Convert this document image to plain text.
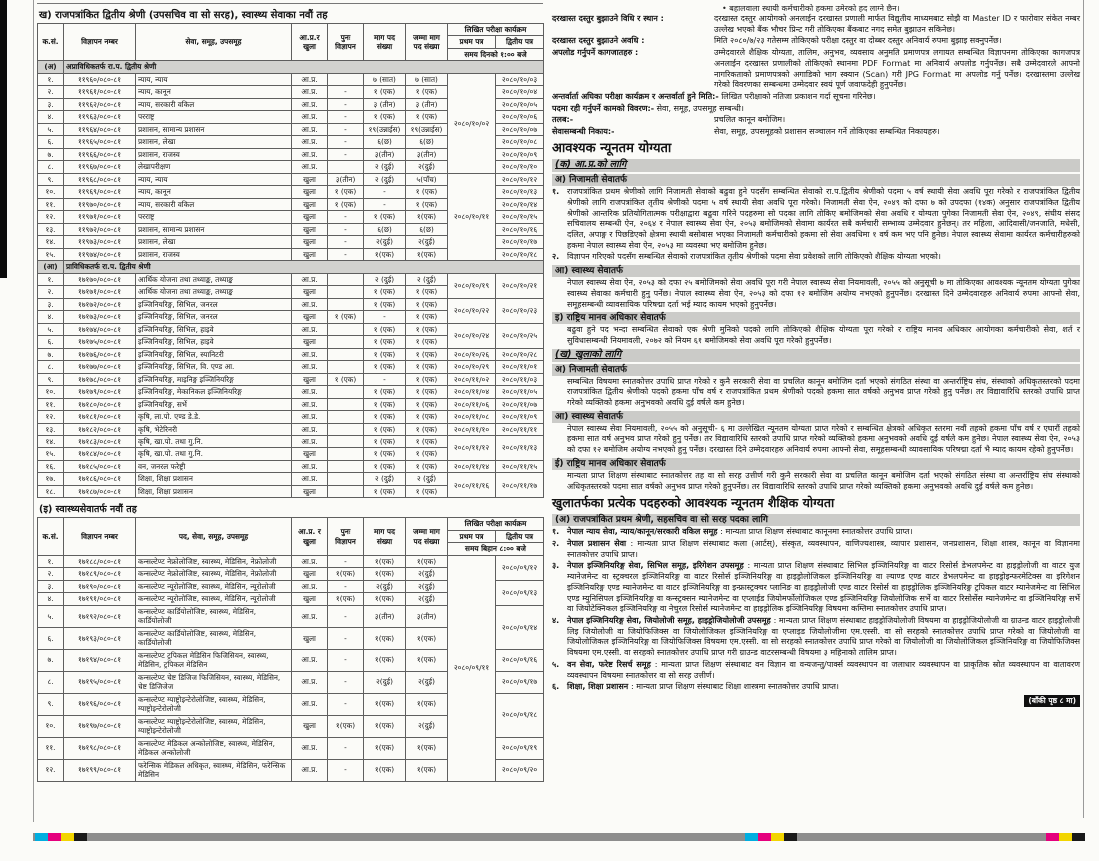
ख) राजपत्रांकित द्वितीय श्रेणी (उपसचिव वा सो सरह), स्वास्थ्य सेवाका नवौं तह
क.सं.	विज्ञापन नम्बर	सेवा, समूह, उपसमूह	आ.प्र.र खुला	पुनः विज्ञापन	माग पद संख्या	जम्मा माग पद संख्या	लिखित परीक्षा कार्यक्रम	
							प्रथम पत्र	द्वितीय पत्र
							समय दिनको १:०० बजे	
(अ)	अप्राविधिकतर्फ रा.प. द्वितीय श्रेणी							
१.	११९६०/०८०-८१	न्याय, न्याय	आ.प्र.		७ (सात)	७ (सात)	२०८०/१०/०२	२०८०/१०/०३
२.	११९६१/०८०-८१	न्याय, कानून	आ.प्र.	-	१ (एक)	१ (एक)		२०८०/१०/०४
३.	११९६२/०८०-८१	न्याय, सरकारी वकिल	आ.प्र.	-	३ (तीन)	३ (तीन)		२०८०/१०/०५
४.	११९६३/०८०-८१	परराष्ट्र	आ.प्र.	-	१ (एक)	१ (एक)		२०८०/१०/०६
५.	११९६४/०८०-८१	प्रशासन, सामान्य प्रशासन	आ.प्र.	-	१९(उन्नाईस)	१९(उन्नाईस)		२०८०/१०/०७
६.	११९६५/०८०-८१	प्रशासन, लेखा	आ.प्र.	-	६(छ)	६(छ)		२०८०/१०/०८
७.	११९६६/०८०-८१	प्रशासन, राजस्व	आ.प्र.	-	३(तीन)	३(तीन)		२०८०/१०/०९
८.	११९६७/०८०-८१	लेखापरीक्षण	आ.प्र.		२ (दुई)	२(दुई)		२०८०/१०/१०
९.	११९६८/०८०-८१	न्याय, न्याय	खुला	३(तीन)	२ (दुई)	५(पाँच)	२०८०/१०/११	२०८०/१०/१२
१०.	११९६९/०८०-८१	न्याय, कानून	खुला	१ (एक)	-	१ (एक)		२०८०/१०/१३
११.	११९७०/०८०-८१	न्याय, सरकारी वकिल	खुला	१ (एक)	-	१ (एक)		२०८०/१०/१४
१२.	११९७१/०८०-८१	परराष्ट्र	खुला	-	१ (एक)	१(एक)		२०८०/१०/१५
१३.	११९७२/०८०-८१	प्रशासन, सामान्य प्रशासन	खुला	-	६(छ)	६(छ)		२०८०/१०/१६
१४.	११९७३/०८०-८१	प्रशासन, लेखा	खुला	-	२(दुई)	२(दुई)		२०८०/१०/१७
१५.	११९७४/०८०-८१	प्रशासन, राजस्व	खुला	-	१(एक)	१(एक)		२०८०/१०/१८
(आ)	प्राविधिकतर्फ रा.प. द्वितीय श्रेणी							
१.	१७१७०/०८०-८१	आर्थिक योजना तथा तथ्याङ्क, तथ्याङ्क	आ.प्र.		२ (दुई)	२ (दुई)	२०८०/१०/१९	२०८०/१०/२१
२.	१७१७१/०८०-८१	आर्थिक योजना तथा तथ्याङ्क, तथ्याङ्क	खुला		१ (एक)	१ (एक)		
३.	१७१७२/०८०-८१	इञ्जिनियरिङ्ग, सिभिल, जनरल	आ.प्र.		१ (एक)	१ (एक)	२०८०/१०/२२	२०८०/१०/२३
४.	१७१७३/०८०-८१	इञ्जिनियरिङ्ग, सिभिल, जनरल	खुला	१ (एक)	-	१ (एक)		
५.	१७१७४/०८०-८१	इञ्जिनियरिङ्ग, सिभिल, हाइवे	आ.प्र.		१ (एक)	१ (एक)	२०८०/१०/२४	२०८०/१०/२५
६.	१७१७५/०८०-८१	इञ्जिनियरिङ्ग, सिभिल, हाइवे	खुला		१ (एक)	१ (एक)		
७.	१७१७६/०८०-८१	इञ्जिनियरिङ्ग, सिभिल, स्यानिटरी	आ.प्र.		१ (एक)	१ (एक)	२०८०/१०/२६	२०८०/१०/२८
८.	१७१७७/०८०-८१	इञ्जिनियरिङ्ग, सिभिल, वि. एण्ड आ.	आ.प्र.		१ (एक)	१ (एक)	२०८०/१०/२९	२०८०/११/०१
९.	१७१७८/०८०-८१	इञ्जिनियरिङ्ग, माइनिङ्ग इञ्जिनियरिङ्ग	खुला	१ (एक)	-	१ (एक)	२०८०/११/०२	२०८०/११/०३
१०.	१७१७९/०८०-८१	इञ्जिनियरिङ्ग, मेकानिकल इञ्जिनियरिङ्ग	आ.प्र.		१ (एक)	१ (एक)	२०८०/११/०४	२०८०/११/०५
११.	१७१८०/०८०-८१	इञ्जिनियरिङ्ग, सर्भे	आ.प्र.		१ (एक)	१ (एक)	२०८०/११/०६	२०८०/११/०७
१२.	१७१८१/०८०-८१	कृषि, ला.पो. एण्ड डे.डे.	आ.प्र.		१ (एक)	१ (एक)	२०८०/११/०८	२०८०/११/०९
१३.	१७१८२/०८०-८१	कृषि, भेटेरिनरी	आ.प्र.		१ (एक)	१ (एक)	२०८०/११/१०	२०८०/११/११
१४.	१७१८३/०८०-८१	कृषि, खा.पो. तथा गु.नि.	आ.प्र.		१ (एक)	१ (एक)	२०८०/११/१२	२०८०/११/१३
१५.	१७१८४/०८०-८१	कृषि, खा.पो. तथा गु.नि.	खुला		१ (एक)	१ (एक)		
१६.	१७१८५/०८०-८१	वन, जनरल फरेष्ट्री	आ.प्र.		१ (एक)	१ (एक)	२०८०/११/१४	२०८०/११/१५
१७.	१७१८६/०८०-८१	शिक्षा, शिक्षा प्रशासन	आ.प्र.		२ (दुई)	२ (दुई)	२०८०/११/१६	२०८०/११/१७
१८.	१७१८७/०८०-८१	शिक्षा, शिक्षा प्रशासन	खुला		१ (एक)	१ (एक)		
(इ) स्वास्थ्यसेवातर्फ नवौं तह
क.सं.	विज्ञापन नम्बर	पद, सेवा, समूह, उपसमूह	आ.प्र. र खुला	पुनः विज्ञापन	माग पद संख्या	जम्मा माग पद संख्या	लिखित परीक्षा कार्यक्रम	
							प्रथम पत्र	द्वितीय पत्र
							समय बिहान ८:०० बजे	
१.	१७१८८/०८०-८१	कन्सल्टेण्ट नेफ्रोलोजिष्ट, स्वास्थ्य, मेडिसिन, नेफ्रोलोजी	आ.प्र.	-	१(एक)	१(एक)	२०८०/०९/११	२०८०/०९/१२
२.	१७१८९/०८०-८१	कन्सल्टेण्ट नेफ्रोलोजिष्ट, स्वास्थ्य, मेडिसिन, नेफ्रोलोजी	खुला	१(एक)	१(एक)	२(दुई)		
३.	१७१९०/०८०-८१	कन्सल्टेण्ट न्यूरोलोजिष्ट, स्वास्थ्य, मेडिसिन, न्यूरोलोजी	आ.प्र.	-	२(दुई)	२(दुई)		२०८०/०९/१३
४.	१७१९१/०८०-८१	कन्सल्टेण्ट न्यूरोलोजिष्ट, स्वास्थ्य, मेडिसिन, न्यूरोलोजी	खुला	१(एक)	१(एक)	२(दुई)		
५.	१७१९२/०८०-८१	कन्सल्टेण्ट कार्डियोलोजिष्ट, स्वास्थ्य, मेडिसिन, कार्डियोलोजी	आ.प्र.	-	३(तीन)	३(तीन)		२०८०/०९/१४
६.	१७१९३/०८०-८१	कन्सल्टेण्ट कार्डियोलोजिष्ट, स्वास्थ्य, मेडिसिन, कार्डियोलोजी	खुला	-	१(एक)	१(एक)		
७.	१७१९४/०८०-८१	कन्सल्टेण्ट ट्रपिकल मेडिसिन फिजिसियन, स्वास्थ्य, मेडिसिन, ट्रपिकल मेडिसिन	आ.प्र.	-	१(एक)	१(एक)		२०८०/०९/१६
८.	१७१९५/०८०-८१	कन्सल्टेण्ट चेष्ट डिजिज फिजिसियन, स्वास्थ्य, मेडिसिन, चेष्ट डिजिजेज	आ.प्र.	-	२(दुई)	२(दुई)		२०८०/०९/१७
९.	१७१९६/०८०-८१	कन्सल्टेण्ट ग्याष्ट्रोइन्टेरोलोजिष्ट, स्वास्थ्य, मेडिसिन, ग्याष्ट्रोइन्टेरोलोजी	आ.प्र.	-	१(एक)	१(एक)		२०८०/०९/१८
१०.	१७१९७/०८०-८१	कन्सल्टेण्ट ग्याष्ट्रोइन्टेरोलोजिष्ट, स्वास्थ्य, मेडिसिन, ग्याष्ट्रोइन्टेरोलोजी	खुला	१(एक)	१(एक)	२(दुई)		
११.	१७१९८/०८०-८१	कन्सल्टेण्ट मेडिकल अन्कोलोजिष्ट, स्वास्थ्य, मेडिसिन, मेडिकल अन्कोलोजी	आ.प्र.	-	१(एक)	१(एक)		२०८०/०९/१९
१२.	१७१९९/०८०-८१	फरेन्सिक मेडिकल अधिकृत, स्वास्थ्य, मेडिसिन, फरेन्सिक मेडिसिन	आ.प्र.	-	१(एक)	१(एक)		२०८०/०९/२०
• बहालवाला स्थायी कर्मचारीको हकमा उमेरको हद लाग्ने छैन।
दरखास्त दस्तुर बुझाउने विधि र स्थान :	दरखास्त दस्तुर आयोगको अनलाईन दरखास्त प्रणाली मार्फत विद्युतीय माध्यमबाट सोझै वा Master ID र फारोवार संकेत नम्बर उल्लेख भएको बैंक भौचर प्रिन्ट गरी तोकिएका बैंकबाट नगद समेत बुझाउन सकिनेछ।
दरखास्त दस्तुर बुझाउने अवधि :	मिति २०८०/७/२३ गतेसम्म तोकिएको परीक्षा दस्तुर वा दोब्बर दस्तुर अनिवार्य रुपमा बुझाइ सक्नुपर्नेछ।
अपलोड गर्नुपर्ने कागजातहरु :	उम्मेदवारले शैक्षिक योग्यता, तालिम, अनुभव, व्यवसाय अनुमति प्रमाणपत्र लगायत सम्बन्धित विज्ञापनमा तोकिएका कागजपत्र अनलाईन दरखास्त प्रणालीको तोकिएको स्थानमा PDF Format मा अनिवार्य अपलोड गर्नुपर्नेछ। सबै उम्मेदवारले आफ्नो नागरिकताको प्रमाणपत्रको अगाडिको भाग स्क्यान (Scan) गरी JPG Format मा अपलोड गर्नु पर्नेछ। दरखास्तमा उल्लेख गरेको विवरणका सम्बन्धमा उम्मेदवार स्वयं पूर्ण जवाफदेही हुनुपर्नेछ।
अन्तर्वार्ता अघिका परीक्षा कार्यक्रम र अन्तर्वार्ता हुने मिति:- लिखित परीक्षाको नतिजा प्रकाशन गर्दा सूचना गरिनेछ।
पदमा रही गर्नुपर्ने कामको विवरण:- सेवा, समूह, उपसमूह सम्बन्धी।
तलब:-	प्रचलित कानून बमोजिम।
सेवासम्बन्धी निकाय:-	सेवा, समूह, उपसमूहको प्रशासन सञ्चालन गर्ने तोकिएका सम्बन्धित निकायहरु।
आवश्यक न्यूनतम योग्यता
(क) आ.प्र.को लागि
अ) निजामती सेवातर्फ
१. राजपत्रांकित प्रथम श्रेणीको लागि निजामती सेवाको बढुवा हुने पदसँग सम्बन्धित सेवाको रा.प.द्वितीय श्रेणीको पदमा ५ वर्ष स्थायी सेवा अवधि पूरा गरेको र राजपत्रांकित द्वितीय श्रेणीको लागि राजपत्रांकित तृतीय श्रेणीको पदमा ५ वर्ष स्थायी सेवा अवधि पूरा गरेको। निजामती सेवा ऐन, २०४९ को दफा ७ को उपदफा (१४क) अनुसार राजपत्रांकित द्वितीय श्रेणीको आन्तरिक प्रतियोगितात्मक परीक्षाद्वारा बढुवा गरिने पदहरुमा सो पदका लागि तोकिए बमोजिमको सेवा अवधि र योग्यता पुगेका निजामती सेवा ऐन, २०४९, संघीय संसद सचिवालय सम्बन्धी ऐन, २०६४ र नेपाल स्वास्थ्य सेवा ऐन, २०५३ बमोजिमको सेवामा कार्यरत सबै कर्मचारी सम्भाव्य उम्मेदवार हुनेछन्। तर महिला, आदिवासी/जनजाति, मधेसी, दलित, अपाङ्ग र पिछडिएको क्षेत्रमा स्थायी बसोबास भएका निजामती कर्मचारीको हकमा सो सेवा अवधिमा १ वर्ष कम भए पनि हुनेछ। नेपाल स्वास्थ्य सेवामा कार्यरत कर्मचारीहरुको हकमा नेपाल स्वास्थ्य सेवा ऐन, २०५३ मा व्यवस्था भए बमोजिम हुनेछ।
२. विज्ञापन गरिएको पदसँग सम्बन्धित सेवाको राजपत्रांकित तृतीय श्रेणीको पदमा सेवा प्रवेशको लागि तोकिएको शैक्षिक योग्यता भएको।
आ) स्वास्थ्य सेवातर्फ
नेपाल स्वास्थ्य सेवा ऐन, २०५३ को दफा २५ बमोजिमको सेवा अवधि पूरा गरी नेपाल स्वास्थ्य सेवा नियमावली, २०५५ को अनुसूची ७ मा तोकिएका आवश्यक न्यूनतम योग्यता पुगेका स्वास्थ्य सेवाका कर्मचारी हुनु पर्नेछ। नेपाल स्वास्थ्य सेवा ऐन, २०५३ को दफा १२ बमोजिम अयोग्य नभएको हुनुपर्नेछ। दरखास्त दिने उम्मेदवारहरु अनिवार्य रुपमा आफ्नो सेवा, समूहसम्बन्धी व्यावसायिक परिषद्मा दर्ता भई म्याद कायम भएको हुनुपर्नेछ।
इ) राष्ट्रिय मानव अधिकार सेवातर्फ
बढुवा हुने पद भन्दा सम्बन्धित सेवाको एक श्रेणी मुनिको पदको लागि तोकिएको शैक्षिक योग्यता पूरा गरेको र राष्ट्रिय मानव अधिकार आयोगका कर्मचारीको सेवा, शर्त र सुविधासम्बन्धी नियमावली, २०७२ को नियम ६१ बमोजिमको सेवा अवधि पूरा गरेको हुनुपर्नेछ।
(ख) खुलाको लागि
अ) निजामती सेवातर्फ
सम्बन्धित विषयमा स्नातकोत्तर उपाधि प्राप्त गरेको र कुनै सरकारी सेवा वा प्रचलित कानून बमोजिम दर्ता भएको संगठित संस्था वा अन्तर्राष्ट्रिय संघ, संस्थाको अधिकृतस्तरको पदमा राजपत्रांकित द्वितीय श्रेणीको पदको हकमा पाँच वर्ष र राजपत्रांकित प्रथम श्रेणीको पदको हकमा सात वर्षको अनुभव प्राप्त गरेको हुनु पर्नेछ। तर विद्यावारिधि स्तरको उपाधि प्राप्त गरेको व्यक्तिको हकमा अनुभवको अवधि दुई वर्षले कम हुनेछ।
आ) स्वास्थ्य सेवातर्फ
नेपाल स्वास्थ्य सेवा नियमावली, २०५५ को अनुसूची- ६ मा उल्लेखित न्यूनतम योग्यता प्राप्त गरेको र सम्बन्धित क्षेत्रको अधिकृत स्तरमा नवौं तहको हकमा पाँच वर्ष र एघारौं तहको हकमा सात वर्ष अनुभव प्राप्त गरेको हुनु पर्नेछ। तर विद्यावारिधि स्तरको उपाधि प्राप्त गरेको व्यक्तिको हकमा अनुभवको अवधि दुई वर्षले कम हुनेछ। नेपाल स्वास्थ्य सेवा ऐन, २०५३ को दफा १२ बमोजिम अयोग्य नभएको हुनु पर्नेछ। दरखास्त दिने उम्मेदवारहरु अनिवार्य रुपमा आफ्नो सेवा, समूहसम्बन्धी व्यावसायिक परिषद्मा दर्ता भै म्याद कायम रहेको हुनुपर्नेछ।
ई) राष्ट्रिय मानव अधिकार सेवातर्फ
मान्यता प्राप्त शिक्षण संस्थाबाट स्नातकोत्तर तह वा सो सरह उत्तीर्ण गरी कुनै सरकारी सेवा वा प्रचलित कानून बमोजिम दर्ता भएको संगठित संस्था वा अन्तर्राष्ट्रिय संघ संस्थाको अधिकृतस्तरको पदमा सात वर्षको अनुभव प्राप्त गरेको हुनुपर्नेछ। तर विद्यावारिधि स्तरको उपाधि प्राप्त गरेको व्यक्तिको हकमा अनुभवको अवधि दुई वर्षले कम हुनेछ।
खुलातर्फका प्रत्येक पदहरुको आवश्यक न्यूनतम शैक्षिक योग्यता
(अ) राजपत्रांकित प्रथम श्रेणी, सहसचिव वा सो सरह पदका लागि
१. नेपाल न्याय सेवा, न्याय/कानून/सरकारी वकिल समूह : मान्यता प्राप्त शिक्षण संस्थाबाट कानूनमा स्नातकोत्तर उपाधि प्राप्त।
२. नेपाल प्रशासन सेवा : मान्यता प्राप्त शिक्षण संस्थाबाट कला (आर्टस्), संस्कृत, व्यवस्थापन, वाणिज्यशास्त्र, व्यापार प्रशासन, जनप्रशासन, शिक्षा शास्त्र, कानून वा विज्ञानमा स्नातकोत्तर उपाधि प्राप्त।
३. नेपाल इञ्जिनियरिङ्ग सेवा, सिभिल समूह, इरिगेशन उपसमूह : मान्यता प्राप्त शिक्षण संस्थाबाट सिभिल इञ्जिनियरिङ्ग वा वाटर रिसोर्स डेभलपमेन्ट वा हाइड्रोलोजी वा वाटर युज म्यानेजमेन्ट वा स्ट्रक्चरल इञ्जिनियरिङ्ग वा वाटर रिसोर्स इञ्जिनियरिङ्ग वा हाइड्रोलोजिकल इञ्जिनियरिङ्ग वा ल्याण्ड एण्ड वाटर डेभलपमेन्ट वा हाइड्रोइन्फरमेटिक्स वा इरिगेशन इञ्जिनियरिङ्ग एण्ड म्यानेजमेन्ट वा वाटर इञ्जिनियरिङ्ग वा इन्फ्रास्ट्रक्चर प्लानिङ वा हाइड्रोलोजी एण्ड वाटर रिसोर्स वा हाइड्रोलिक इञ्जिनियरिङ्ग ट्रपिकल वाटर म्यानेजमेन्ट वा सिभिल एण्ड म्युनिसिपल इञ्जिनियरिङ्ग वा कन्स्ट्रक्सन म्यानेजमेन्ट वा एप्लाईड जियोमर्फोलोजिकल एण्ड इञ्जिनियरिङ्ग जियोलोजिक सर्भे वा वाटर रिसोर्सेस म्यानेजमेन्ट वा इञ्जिनियरिङ्ग सर्भे वा जियोटेक्निकल इञ्जिनियरिङ्ग वा नेचुरल रिसोर्स म्यानेजमेन्ट वा हाइड्रोलिक इञ्जिनियरिङ्ग विषयमा कम्तिमा स्नातकोत्तर उपाधि प्राप्त।
४. नेपाल इञ्जिनियरिङ्ग सेवा, जियोलोजी समूह, हाइड्रोजियोलोजी उपसमूह : मान्यता प्राप्त शिक्षण संस्थाबाट हाइड्रोजियोलोजी विषयमा वा हाइड्रोजियोलोजी वा ग्राउन्ड वाटर हाइड्रोलोजी लिइ जियोलोजी वा जियोफिजिक्स वा जियोलोजिकल इञ्जिनियरिङ्ग वा एप्लाइड जियोलोजीमा एम.एस्सी. वा सो सरहको स्नातकोत्तर उपाधि प्राप्त गरेको वा जियोलोजी वा जियोलोजिकल इञ्जिनियरिङ्ग वा जियोफिजिक्स विषयमा एम.एस्सी. वा सो सरहको स्नातकोत्तर उपाधि प्राप्त गरेको वा जियोलोजी वा जियोलोजिकल इञ्जिनियरिङ्ग वा जियोफिजिक्स विषयमा एम.एस्सी. वा सरहको स्नातकोत्तर उपाधि प्राप्त गरी ग्राउन्ड वाटरसम्बन्धी विषयमा ३ महिनाको तालिम प्राप्त।
५. वन सेवा, फरेष्ट रिसर्च समूह : मान्यता प्राप्त शिक्षण संस्थाबाट वन विज्ञान वा वन्यजन्तु/पार्क्स व्यवस्थापन वा जलाधार व्यवस्थापन वा प्राकृतिक स्रोत व्यवस्थापन वा वातावरण व्यवस्थापन विषयमा स्नातकोत्तर वा सो सरह उत्तीर्ण।
६. शिक्षा, शिक्षा प्रशासन : मान्यता प्राप्त शिक्षण संस्थाबाट शिक्षा शास्त्रमा स्नातकोत्तर उपाधि प्राप्त।
(बाँकी पृष्ठ ८ मा)
